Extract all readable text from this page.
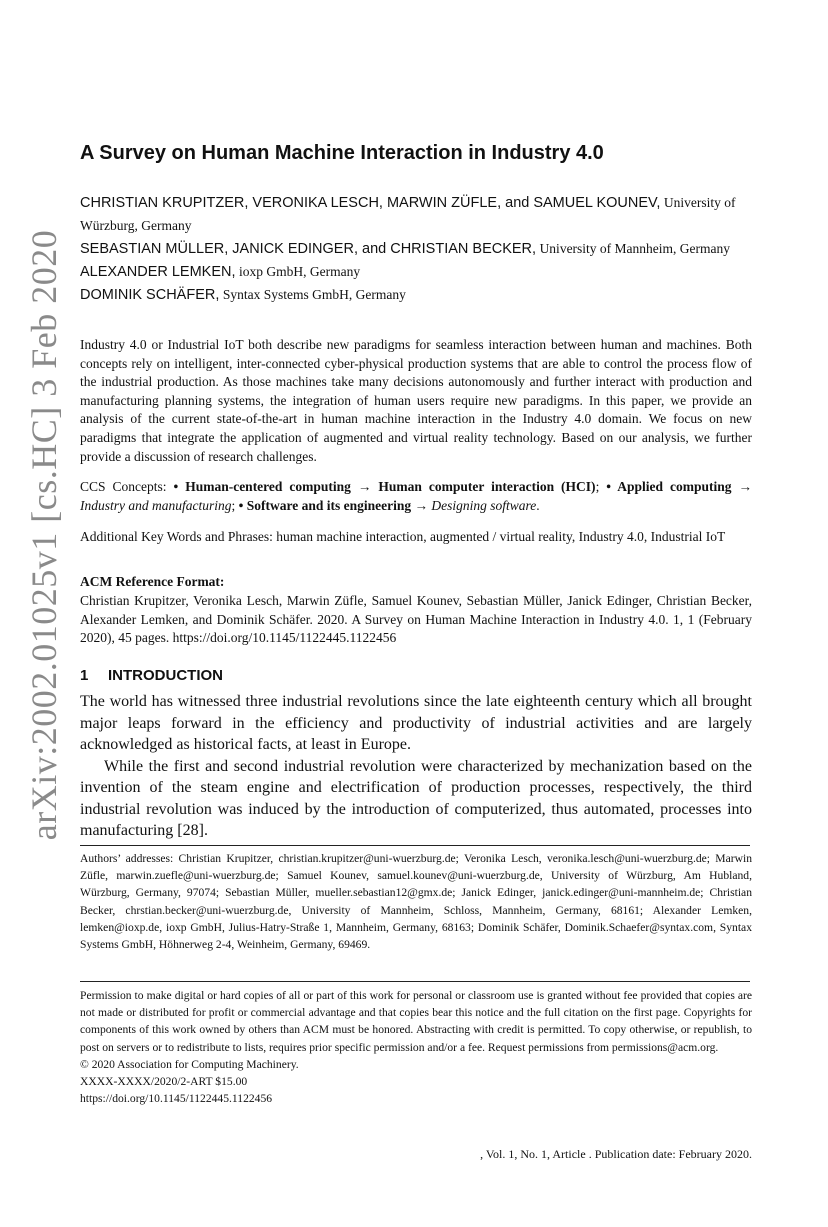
arXiv:2002.01025v1 [cs.HC] 3 Feb 2020
A Survey on Human Machine Interaction in Industry 4.0
CHRISTIAN KRUPITZER, VERONIKA LESCH, MARWIN ZÜFLE, and SAMUEL KOUNEV, University of Würzburg, Germany
SEBASTIAN MÜLLER, JANICK EDINGER, and CHRISTIAN BECKER, University of Mannheim, Germany
ALEXANDER LEMKEN, ioxp GmbH, Germany
DOMINIK SCHÄFER, Syntax Systems GmbH, Germany
Industry 4.0 or Industrial IoT both describe new paradigms for seamless interaction between human and machines. Both concepts rely on intelligent, inter-connected cyber-physical production systems that are able to control the process flow of the industrial production. As those machines take many decisions autonomously and further interact with production and manufacturing planning systems, the integration of human users require new paradigms. In this paper, we provide an analysis of the current state-of-the-art in human machine interaction in the Industry 4.0 domain. We focus on new paradigms that integrate the application of augmented and virtual reality technology. Based on our analysis, we further provide a discussion of research challenges.
CCS Concepts: • Human-centered computing → Human computer interaction (HCI); • Applied computing → Industry and manufacturing; • Software and its engineering → Designing software.
Additional Key Words and Phrases: human machine interaction, augmented / virtual reality, Industry 4.0, Industrial IoT
ACM Reference Format:
Christian Krupitzer, Veronika Lesch, Marwin Züfle, Samuel Kounev, Sebastian Müller, Janick Edinger, Christian Becker, Alexander Lemken, and Dominik Schäfer. 2020. A Survey on Human Machine Interaction in Industry 4.0. 1, 1 (February 2020), 45 pages. https://doi.org/10.1145/1122445.1122456
1 INTRODUCTION

The world has witnessed three industrial revolutions since the late eighteenth century which all brought major leaps forward in the efficiency and productivity of industrial activities and are largely acknowledged as historical facts, at least in Europe.

While the first and second industrial revolution were characterized by mechanization based on the invention of the steam engine and electrification of production processes, respectively, the third industrial revolution was induced by the introduction of computerized, thus automated, processes into manufacturing [28].

Authors’ addresses: Christian Krupitzer, christian.krupitzer@uni-wuerzburg.de; Veronika Lesch, veronika.lesch@uni-wuerzburg.de; Marwin Züfle, marwin.zuefle@uni-wuerzburg.de; Samuel Kounev, samuel.kounev@uni-wuerzburg.de, University of Würzburg, Am Hubland, Würzburg, Germany, 97074; Sebastian Müller, mueller.sebastian12@gmx.de; Janick Edinger, janick.edinger@uni-mannheim.de; Christian Becker, chrstian.becker@uni-wuerzburg.de, University of Mannheim, Schloss, Mannheim, Germany, 68161; Alexander Lemken, lemken@ioxp.de, ioxp GmbH, Julius-Hatry-Straße 1, Mannheim, Germany, 68163; Dominik Schäfer, Dominik.Schaefer@syntax.com, Syntax Systems GmbH, Höhnerweg 2-4, Weinheim, Germany, 69469.
Permission to make digital or hard copies of all or part of this work for personal or classroom use is granted without fee provided that copies are not made or distributed for profit or commercial advantage and that copies bear this notice and the full citation on the first page. Copyrights for components of this work owned by others than ACM must be honored. Abstracting with credit is permitted. To copy otherwise, or republish, to post on servers or to redistribute to lists, requires prior specific permission and/or a fee. Request permissions from permissions@acm.org.
© 2020 Association for Computing Machinery.
XXXX-XXXX/2020/2-ART $15.00
https://doi.org/10.1145/1122445.1122456
, Vol. 1, No. 1, Article . Publication date: February 2020.
